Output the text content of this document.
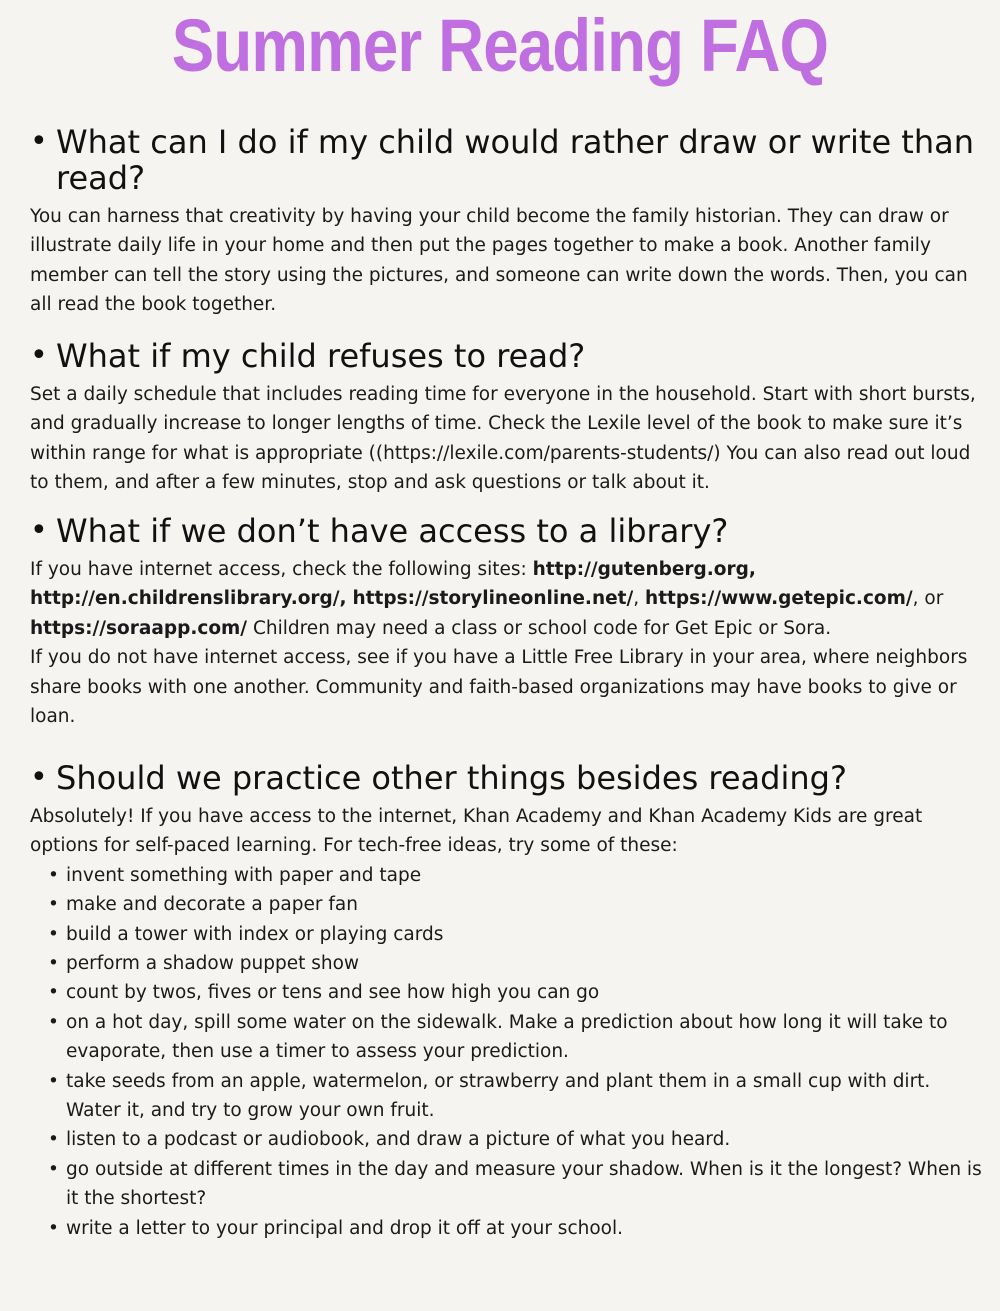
Summer Reading FAQ
• What can I do if my child would rather draw or write than read?

You can harness that creativity by having your child become the family historian. They can draw or illustrate daily life in your home and then put the pages together to make a book. Another family member can tell the story using the pictures, and someone can write down the words. Then, you can all read the book together.

• What if my child refuses to read?

Set a daily schedule that includes reading time for everyone in the household. Start with short bursts, and gradually increase to longer lengths of time. Check the Lexile level of the book to make sure it’s within range for what is appropriate ((https://lexile.com/parents-students/) You can also read out loud to them, and after a few minutes, stop and ask questions or talk about it.

• What if we don’t have access to a library?

If you have internet access, check the following sites: http://gutenberg.org, http://en.childrenslibrary.org/, https://storylineonline.net/, https://www.getepic.com/, or https://soraapp.com/ Children may need a class or school code for Get Epic or Sora.

If you do not have internet access, see if you have a Little Free Library in your area, where neighbors share books with one another. Community and faith-based organizations may have books to give or loan.

• Should we practice other things besides reading?

Absolutely! If you have access to the internet, Khan Academy and Khan Academy Kids are great options for self-paced learning. For tech-free ideas, try some of these:

• invent something with paper and tape
• make and decorate a paper fan
• build a tower with index or playing cards
• perform a shadow puppet show
• count by twos, fives or tens and see how high you can go
• on a hot day, spill some water on the sidewalk. Make a prediction about how long it will take to evaporate, then use a timer to assess your prediction.
• take seeds from an apple, watermelon, or strawberry and plant them in a small cup with dirt. Water it, and try to grow your own fruit.
• listen to a podcast or audiobook, and draw a picture of what you heard.
• go outside at different times in the day and measure your shadow. When is it the longest? When is it the shortest?
• write a letter to your principal and drop it off at your school.
